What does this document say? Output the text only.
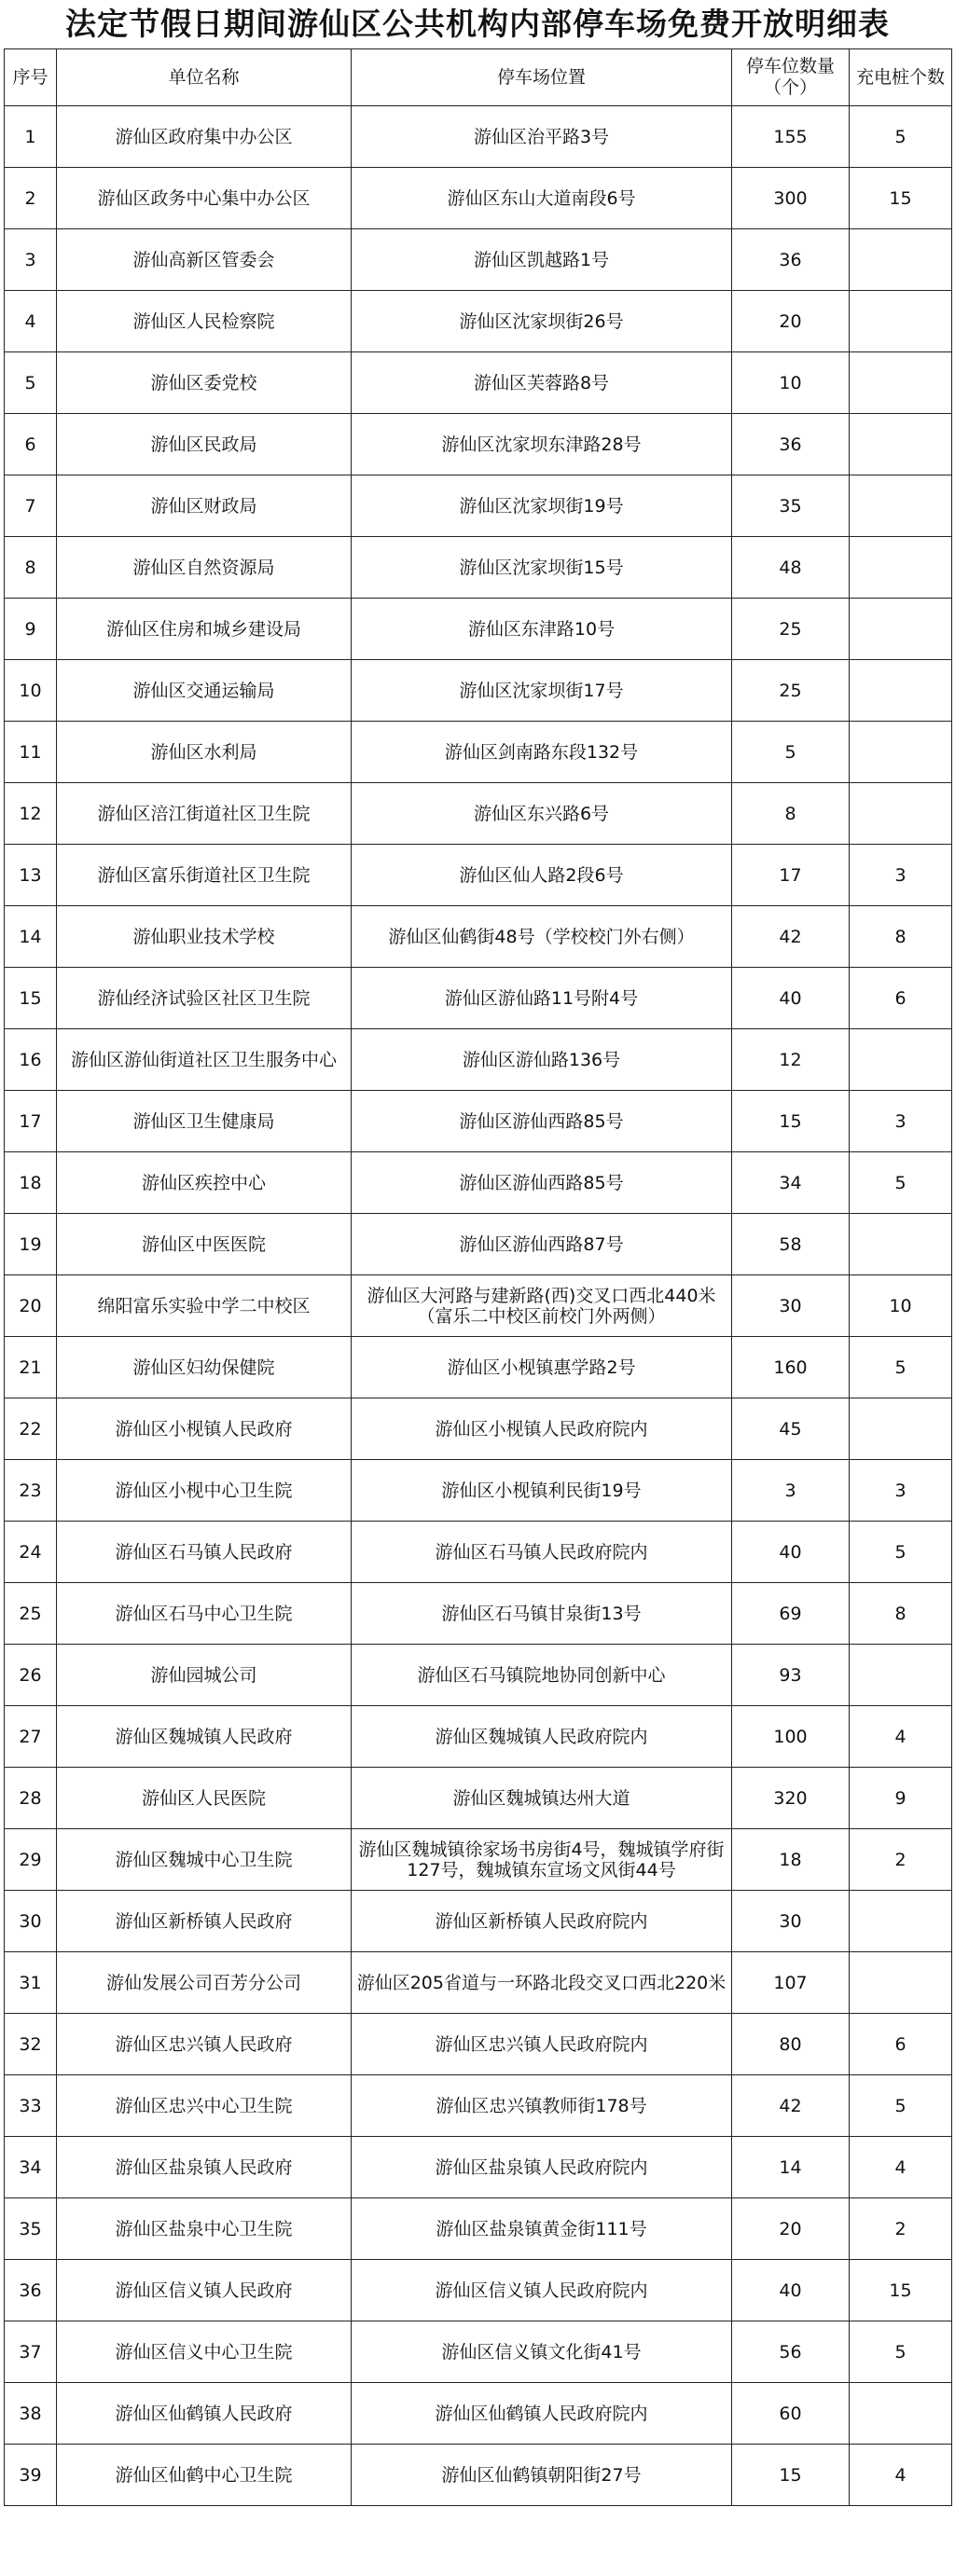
法定节假日期间游仙区公共机构内部停车场免费开放明细表
序号	单位名称	停车场位置	停车位数量（个）	充电桩个数
1	游仙区政府集中办公区	游仙区治平路3号	155	5
2	游仙区政务中心集中办公区	游仙区东山大道南段6号	300	15
3	游仙高新区管委会	游仙区凯越路1号	36	
4	游仙区人民检察院	游仙区沈家坝街26号	20	
5	游仙区委党校	游仙区芙蓉路8号	10	
6	游仙区民政局	游仙区沈家坝东津路28号	36	
7	游仙区财政局	游仙区沈家坝街19号	35	
8	游仙区自然资源局	游仙区沈家坝街15号	48	
9	游仙区住房和城乡建设局	游仙区东津路10号	25	
10	游仙区交通运输局	游仙区沈家坝街17号	25	
11	游仙区水利局	游仙区剑南路东段132号	5	
12	游仙区涪江街道社区卫生院	游仙区东兴路6号	8	
13	游仙区富乐街道社区卫生院	游仙区仙人路2段6号	17	3
14	游仙职业技术学校	游仙区仙鹤街48号（学校校门外右侧）	42	8
15	游仙经济试验区社区卫生院	游仙区游仙路11号附4号	40	6
16	游仙区游仙街道社区卫生服务中心	游仙区游仙路136号	12	
17	游仙区卫生健康局	游仙区游仙西路85号	15	3
18	游仙区疾控中心	游仙区游仙西路85号	34	5
19	游仙区中医医院	游仙区游仙西路87号	58	
20	绵阳富乐实验中学二中校区	游仙区大河路与建新路(西)交叉口西北440米（富乐二中校区前校门外两侧）	30	10
21	游仙区妇幼保健院	游仙区小枧镇惠学路2号	160	5
22	游仙区小枧镇人民政府	游仙区小枧镇人民政府院内	45	
23	游仙区小枧中心卫生院	游仙区小枧镇利民街19号	3	3
24	游仙区石马镇人民政府	游仙区石马镇人民政府院内	40	5
25	游仙区石马中心卫生院	游仙区石马镇甘泉街13号	69	8
26	游仙园城公司	游仙区石马镇院地协同创新中心	93	
27	游仙区魏城镇人民政府	游仙区魏城镇人民政府院内	100	4
28	游仙区人民医院	游仙区魏城镇达州大道	320	9
29	游仙区魏城中心卫生院	游仙区魏城镇徐家场书房街4号，魏城镇学府街127号，魏城镇东宣场文风街44号	18	2
30	游仙区新桥镇人民政府	游仙区新桥镇人民政府院内	30	
31	游仙发展公司百芳分公司	游仙区205省道与一环路北段交叉口西北220米	107	
32	游仙区忠兴镇人民政府	游仙区忠兴镇人民政府院内	80	6
33	游仙区忠兴中心卫生院	游仙区忠兴镇教师街178号	42	5
34	游仙区盐泉镇人民政府	游仙区盐泉镇人民政府院内	14	4
35	游仙区盐泉中心卫生院	游仙区盐泉镇黄金街111号	20	2
36	游仙区信义镇人民政府	游仙区信义镇人民政府院内	40	15
37	游仙区信义中心卫生院	游仙区信义镇文化街41号	56	5
38	游仙区仙鹤镇人民政府	游仙区仙鹤镇人民政府院内	60	
39	游仙区仙鹤中心卫生院	游仙区仙鹤镇朝阳街27号	15	4
